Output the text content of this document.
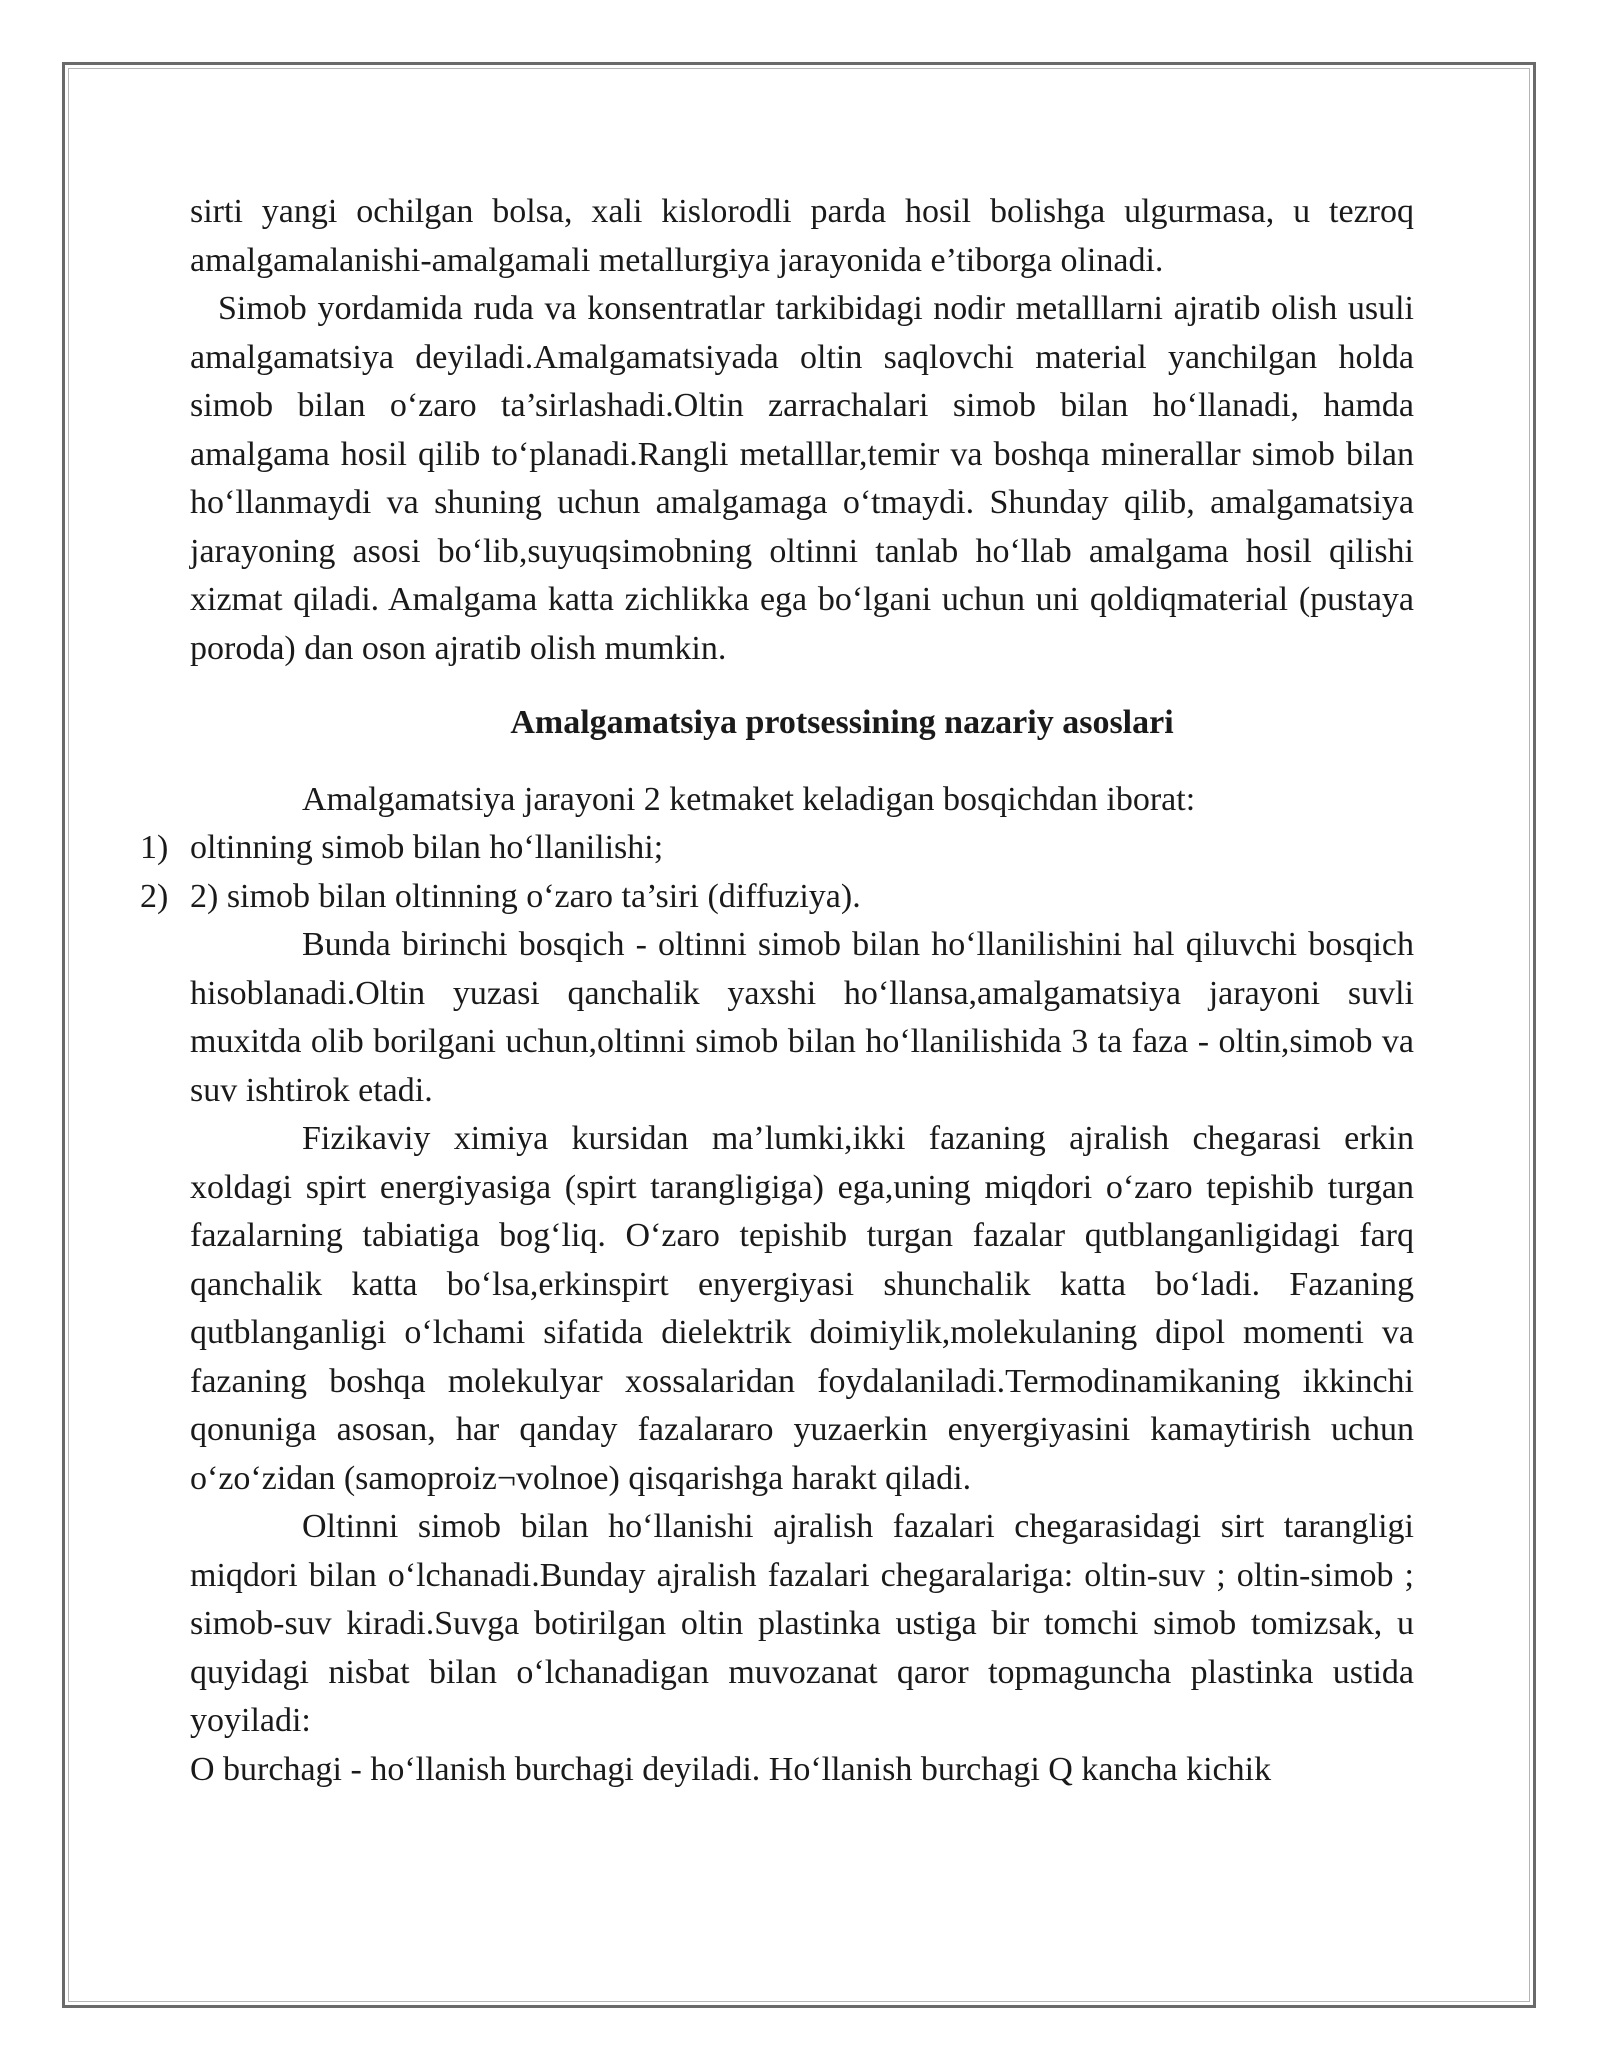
sirti yangi ochilgan bolsa, xali kislorodli parda hosil bolishga ulgurmasa, u tezroq amalgamalanishi-amalgamali metallurgiya jarayonida e’tiborga olinadi.

Simob yordamida ruda va konsentratlar tarkibidagi nodir metalllarni ajratib olish usuli amalgamatsiya deyiladi.Amalgamatsiyada oltin saqlovchi material yanchilgan holda simob bilan o‘zaro ta’sirlashadi.Oltin zarrachalari simob bilan ho‘llanadi, hamda amalgama hosil qilib to‘planadi.Rangli metalllar,temir va boshqa minerallar simob bilan ho‘llanmaydi va shuning uchun amalgamaga o‘tmaydi. Shunday qilib, amalgamatsiya jarayoning asosi bo‘lib,suyuqsimobning oltinni tanlab ho‘llab amalgama hosil qilishi xizmat qiladi. Amalgama katta zichlikka ega bo‘lgani uchun uni qoldiqmaterial (pustaya poroda) dan oson ajratib olish mumkin.

Amalgamatsiya protsessining nazariy asoslari

Amalgamatsiya jarayoni 2 ketmaket keladigan bosqichdan iborat:

1) oltinning simob bilan ho‘llanilishi;
2) 2) simob bilan oltinning o‘zaro ta’siri (diffuziya).

Bunda birinchi bosqich - oltinni simob bilan ho‘llanilishini hal qiluvchi bosqich hisoblanadi.Oltin yuzasi qanchalik yaxshi ho‘llansa,amalgamatsiya jarayoni suvli muxitda olib borilgani uchun,oltinni simob bilan ho‘llanilishida 3 ta faza - oltin,simob va suv ishtirok etadi.

Fizikaviy ximiya kursidan ma’lumki,ikki fazaning ajralish chegarasi erkin xoldagi spirt energiyasiga (spirt tarangligiga) ega,uning miqdori o‘zaro tepishib turgan fazalarning tabiatiga bog‘liq. O‘zaro tepishib turgan fazalar qutblanganligidagi farq qanchalik katta bo‘lsa,erkinspirt enyergiyasi shunchalik katta bo‘ladi. Fazaning qutblanganligi o‘lchami sifatida dielektrik doimiylik,molekulaning dipol momenti va fazaning boshqa molekulyar xossalaridan foydalaniladi.Termodinamikaning ikkinchi qonuniga asosan, har qanday fazalararo yuzaerkin enyergiyasini kamaytirish uchun o‘zo‘zidan (samoproiz¬volnoe) qisqarishga harakt qiladi.

Oltinni simob bilan ho‘llanishi ajralish fazalari chegarasidagi sirt tarangligi miqdori bilan o‘lchanadi.Bunday ajralish fazalari chegaralariga: oltin-suv ; oltin-simob ; simob-suv kiradi.Suvga botirilgan oltin plastinka ustiga bir tomchi simob tomizsak, u quyidagi nisbat bilan o‘lchanadigan muvozanat qaror topmaguncha plastinka ustida yoyiladi:

O burchagi - ho‘llanish burchagi deyiladi. Ho‘llanish burchagi Q kancha kichik
